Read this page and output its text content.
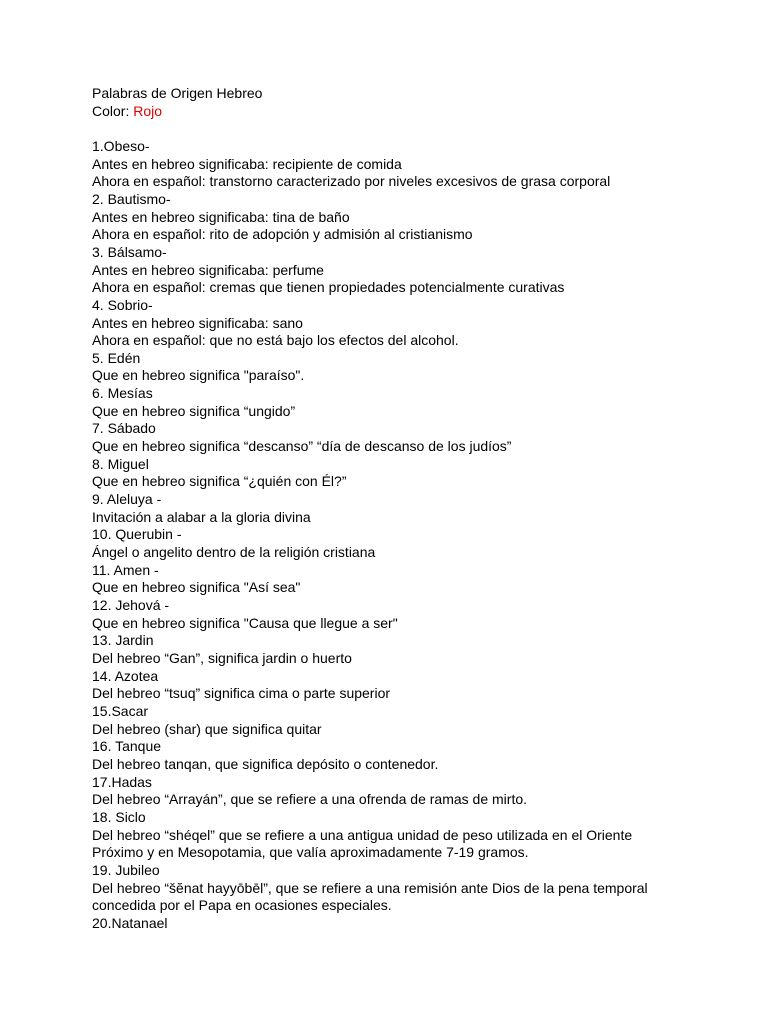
Palabras de Origen Hebreo

Color: Rojo

1.Obeso-

Antes en hebreo significaba: recipiente de comida

Ahora en español: transtorno caracterizado por niveles excesivos de grasa corporal

2. Bautismo-

Antes en hebreo significaba: tina de baño

Ahora en español: rito de adopción y admisión al cristianismo

3. Bálsamo-

Antes en hebreo significaba: perfume

Ahora en español: cremas que tienen propiedades potencialmente curativas

4. Sobrio-

Antes en hebreo significaba: sano

Ahora en español: que no está bajo los efectos del alcohol.

5. Edén

Que en hebreo significa "paraíso".

6. Mesías

Que en hebreo significa “ungido”

7. Sábado

Que en hebreo significa “descanso” “día de descanso de los judíos”

8. Miguel

Que en hebreo significa “¿quién con Él?”

9. Aleluya -

Invitación a alabar a la gloria divina

10. Querubin -

Ángel o angelito dentro de la religión cristiana

11. Amen -

Que en hebreo significa "Así sea"

12. Jehová -

Que en hebreo significa "Causa que llegue a ser"

13. Jardin

Del hebreo “Gan”, significa jardin o huerto

14. Azotea

Del hebreo “tsuq” significa cima o parte superior

15.Sacar

Del hebreo (shar) que significa quitar

16. Tanque

Del hebreo tanqan, que significa depósito o contenedor.

17.Hadas

Del hebreo “Arrayán”, que se refiere a una ofrenda de ramas de mirto.

18. Siclo

Del hebreo “shéqel” que se refiere a una antigua unidad de peso utilizada en el Oriente

Próximo y en Mesopotamia, que valía aproximadamente 7-19 gramos.

19. Jubileo

Del hebreo “šĕnat hayyōbēl”, que se refiere a una remisión ante Dios de la pena temporal

concedida por el Papa en ocasiones especiales.

20.Natanael
